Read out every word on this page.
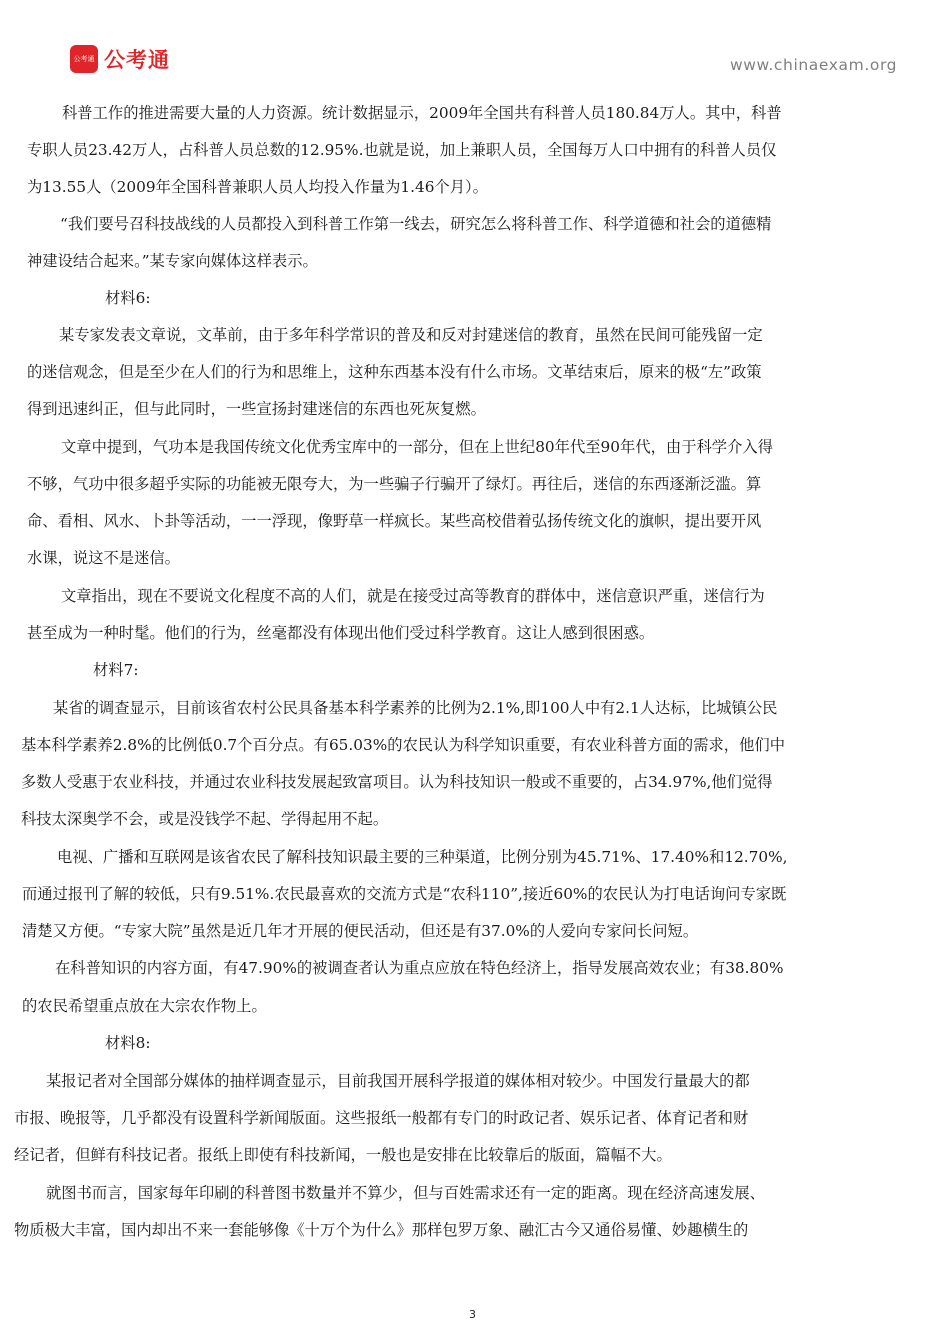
公考通 公考通	www.chinaexam.org
科普工作的推进需要大量的人力资源。统计数据显示，2009年全国共有科普人员180.84万人。其中，科普
专职人员23.42万人，占科普人员总数的12.95%.也就是说，加上兼职人员，全国每万人口中拥有的科普人员仅
为13.55人（2009年全国科普兼职人员人均投入作量为1.46个月）。
“我们要号召科技战线的人员都投入到科普工作第一线去，研究怎么将科普工作、科学道德和社会的道德精
神建设结合起来。”某专家向媒体这样表示。
材料6:
某专家发表文章说，文革前，由于多年科学常识的普及和反对封建迷信的教育，虽然在民间可能残留一定
的迷信观念，但是至少在人们的行为和思维上，这种东西基本没有什么市场。文革结束后，原来的极“左”政策
得到迅速纠正，但与此同时，一些宣扬封建迷信的东西也死灰复燃。
文章中提到，气功本是我国传统文化优秀宝库中的一部分，但在上世纪80年代至90年代，由于科学介入得
不够，气功中很多超乎实际的功能被无限夸大，为一些骗子行骗开了绿灯。再往后，迷信的东西逐渐泛滥。算
命、看相、风水、卜卦等活动，一一浮现，像野草一样疯长。某些高校借着弘扬传统文化的旗帜，提出要开风
水课，说这不是迷信。
文章指出，现在不要说文化程度不高的人们，就是在接受过高等教育的群体中，迷信意识严重，迷信行为
甚至成为一种时髦。他们的行为，丝毫都没有体现出他们受过科学教育。这让人感到很困惑。
材料7:
某省的调查显示，目前该省农村公民具备基本科学素养的比例为2.1%,即100人中有2.1人达标，比城镇公民
基本科学素养2.8%的比例低0.7个百分点。有65.03%的农民认为科学知识重要，有农业科普方面的需求，他们中
多数人受惠于农业科技，并通过农业科技发展起致富项目。认为科技知识一般或不重要的，占34.97%,他们觉得
科技太深奥学不会，或是没钱学不起、学得起用不起。
电视、广播和互联网是该省农民了解科技知识最主要的三种渠道，比例分别为45.71%、17.40%和12.70%,
而通过报刊了解的较低，只有9.51%.农民最喜欢的交流方式是“农科110”,接近60%的农民认为打电话询问专家既
清楚又方便。“专家大院”虽然是近几年才开展的便民活动，但还是有37.0%的人爱向专家问长问短。
在科普知识的内容方面，有47.90%的被调查者认为重点应放在特色经济上，指导发展高效农业；有38.80%
的农民希望重点放在大宗农作物上。
材料8:
某报记者对全国部分媒体的抽样调查显示，目前我国开展科学报道的媒体相对较少。中国发行量最大的都
市报、晚报等，几乎都没有设置科学新闻版面。这些报纸一般都有专门的时政记者、娱乐记者、体育记者和财
经记者，但鲜有科技记者。报纸上即使有科技新闻，一般也是安排在比较靠后的版面，篇幅不大。
就图书而言，国家每年印刷的科普图书数量并不算少，但与百姓需求还有一定的距离。现在经济高速发展、
物质极大丰富，国内却出不来一套能够像《十万个为什么》那样包罗万象、融汇古今又通俗易懂、妙趣横生的
3
